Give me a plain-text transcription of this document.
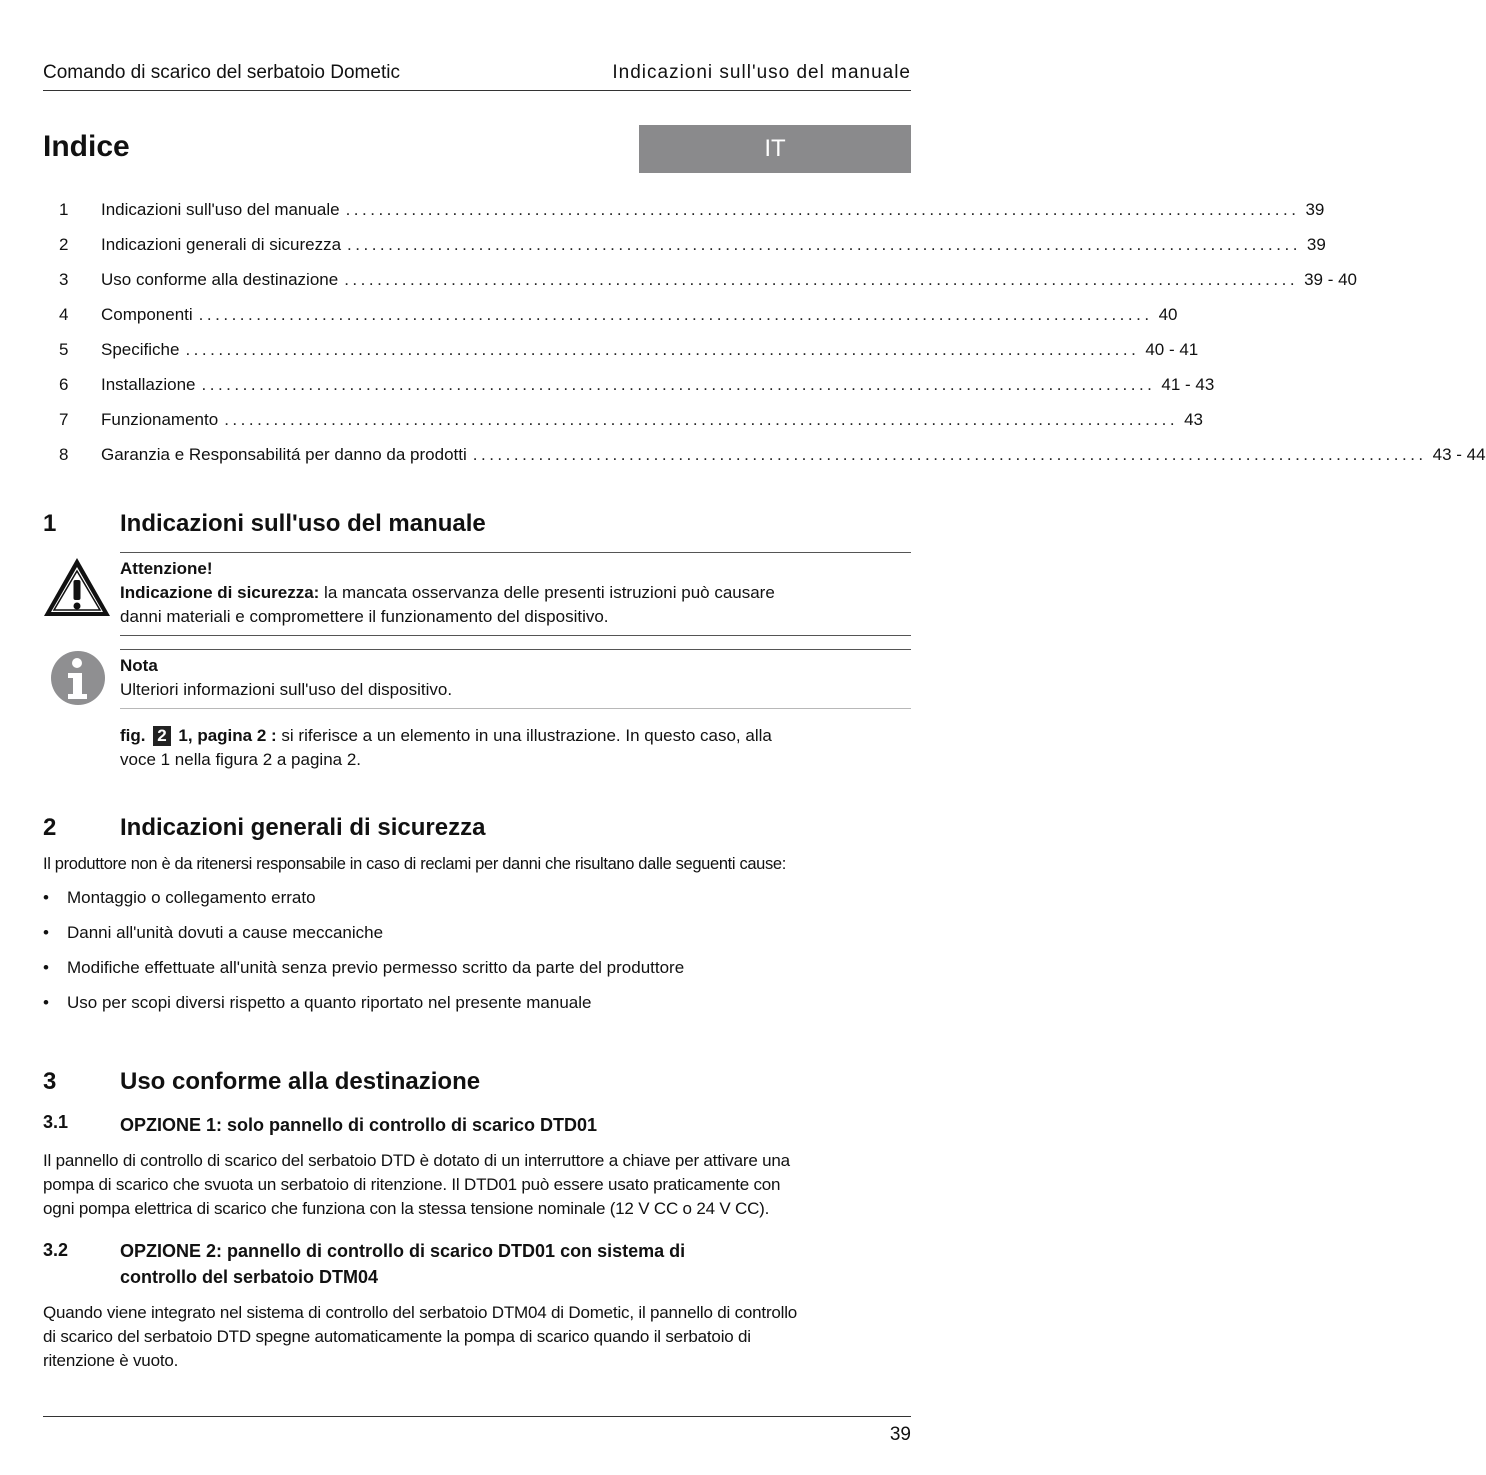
Comando di scarico del serbatoio Dometic	Indicazioni sull'uso del manuale
Indice	IT
1	Indicazioni sull'uso del manuale .................................................................................................................... 39
2	Indicazioni generali di sicurezza .................................................................................................................... 39
3	Uso conforme alla destinazione .................................................................................................................... 39 - 40
4	Componenti .................................................................................................................... 40
5	Specifiche .................................................................................................................... 40 - 41
6	Installazione .................................................................................................................... 41 - 43
7	Funzionamento .................................................................................................................... 43
8	Garanzia e Responsabilitá per danno da prodotti .................................................................................................................... 43 - 44
1	Indicazioni sull'uso del manuale
Attenzione!
Indicazione di sicurezza: la mancata osservanza delle presenti istruzioni può causare
danni materiali e compromettere il funzionamento del dispositivo.
Nota
Ulteriori informazioni sull'uso del dispositivo.
fig. 2 1, pagina 2 : si riferisce a un elemento in una illustrazione. In questo caso, alla
voce 1 nella figura 2 a pagina 2.
2	Indicazioni generali di sicurezza
Il produttore non è da ritenersi responsabile in caso di reclami per danni che risultano dalle seguenti cause:
•	Montaggio o collegamento errato
•	Danni all'unità dovuti a cause meccaniche
•	Modifiche effettuate all'unità senza previo permesso scritto da parte del produttore
•	Uso per scopi diversi rispetto a quanto riportato nel presente manuale
3	Uso conforme alla destinazione
3.1	OPZIONE 1: solo pannello di controllo di scarico DTD01
Il pannello di controllo di scarico del serbatoio DTD è dotato di un interruttore a chiave per attivare una
pompa di scarico che svuota un serbatoio di ritenzione. Il DTD01 può essere usato praticamente con
ogni pompa elettrica di scarico che funziona con la stessa tensione nominale (12 V CC o 24 V CC).
3.2	OPZIONE 2: pannello di controllo di scarico DTD01 con sistema di
controllo del serbatoio DTM04
Quando viene integrato nel sistema di controllo del serbatoio DTM04 di Dometic, il pannello di controllo
di scarico del serbatoio DTD spegne automaticamente la pompa di scarico quando il serbatoio di
ritenzione è vuoto.
39
